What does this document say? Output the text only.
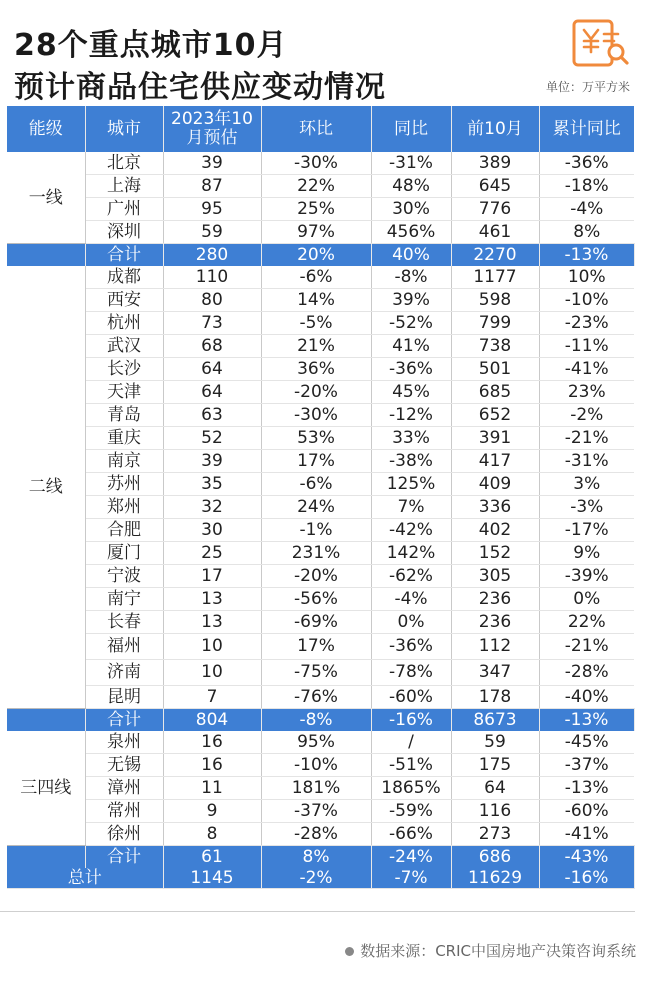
28个重点城市10月
预计商品住宅供应变动情况	单位：万平方米
能级	城市	2023年10
月预估	环比	同比	前10月	累计同比
一线	北京	39	-30%	-31%	389	-36%
	上海	87	22%	48%	645	-18%
	广州	95	25%	30%	776	-4%
	深圳	59	97%	456%	461	8%
	合计	280	20%	40%	2270	-13%
二线	成都	110	-6%	-8%	1177	10%
	西安	80	14%	39%	598	-10%
	杭州	73	-5%	-52%	799	-23%
	武汉	68	21%	41%	738	-11%
	长沙	64	36%	-36%	501	-41%
	天津	64	-20%	45%	685	23%
	青岛	63	-30%	-12%	652	-2%
	重庆	52	53%	33%	391	-21%
	南京	39	17%	-38%	417	-31%
	苏州	35	-6%	125%	409	3%
	郑州	32	24%	7%	336	-3%
	合肥	30	-1%	-42%	402	-17%
	厦门	25	231%	142%	152	9%
	宁波	17	-20%	-62%	305	-39%
	南宁	13	-56%	-4%	236	0%
	长春	13	-69%	0%	236	22%
	福州	10	17%	-36%	112	-21%
	济南	10	-75%	-78%	347	-28%
	昆明	7	-76%	-60%	178	-40%
	合计	804	-8%	-16%	8673	-13%
三四线	泉州	16	95%	/	59	-45%
	无锡	16	-10%	-51%	175	-37%
	漳州	11	181%	1865%	64	-13%
	常州	9	-37%	-59%	116	-60%
	徐州	8	-28%	-66%	273	-41%
	合计	61	8%	-24%	686	-43%
总计		1145	-2%	-7%	11629	-16%
数据来源：CRIC中国房地产决策咨询系统
